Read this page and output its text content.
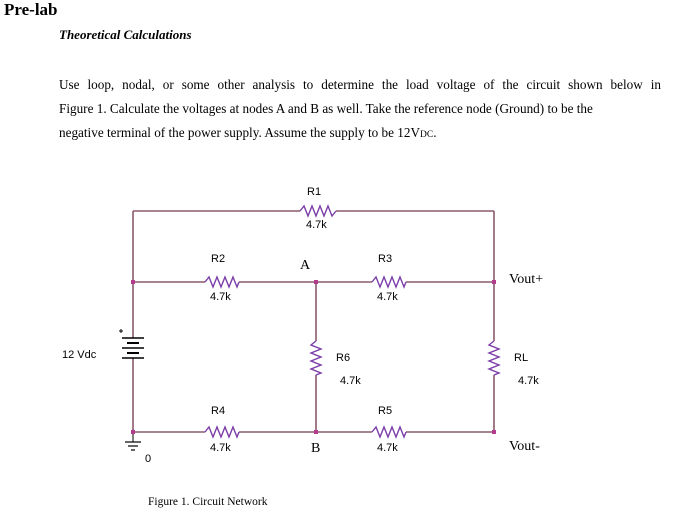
Pre-lab
Theoretical Calculations
Use loop, nodal, or some other analysis to determine the load voltage of the circuit shown below in
Figure 1. Calculate the voltages at nodes A and B as well. Take the reference node (Ground) to be the
negative terminal of the power supply. Assume the supply to be 12VDC.
R1
4.7k
R2
4.7k
R3
4.7k
R4
4.7k
R5
4.7k
R6
4.7k
RL
4.7k
12 Vdc
0
A
B
Vout+
Vout-
Figure 1. Circuit Network
